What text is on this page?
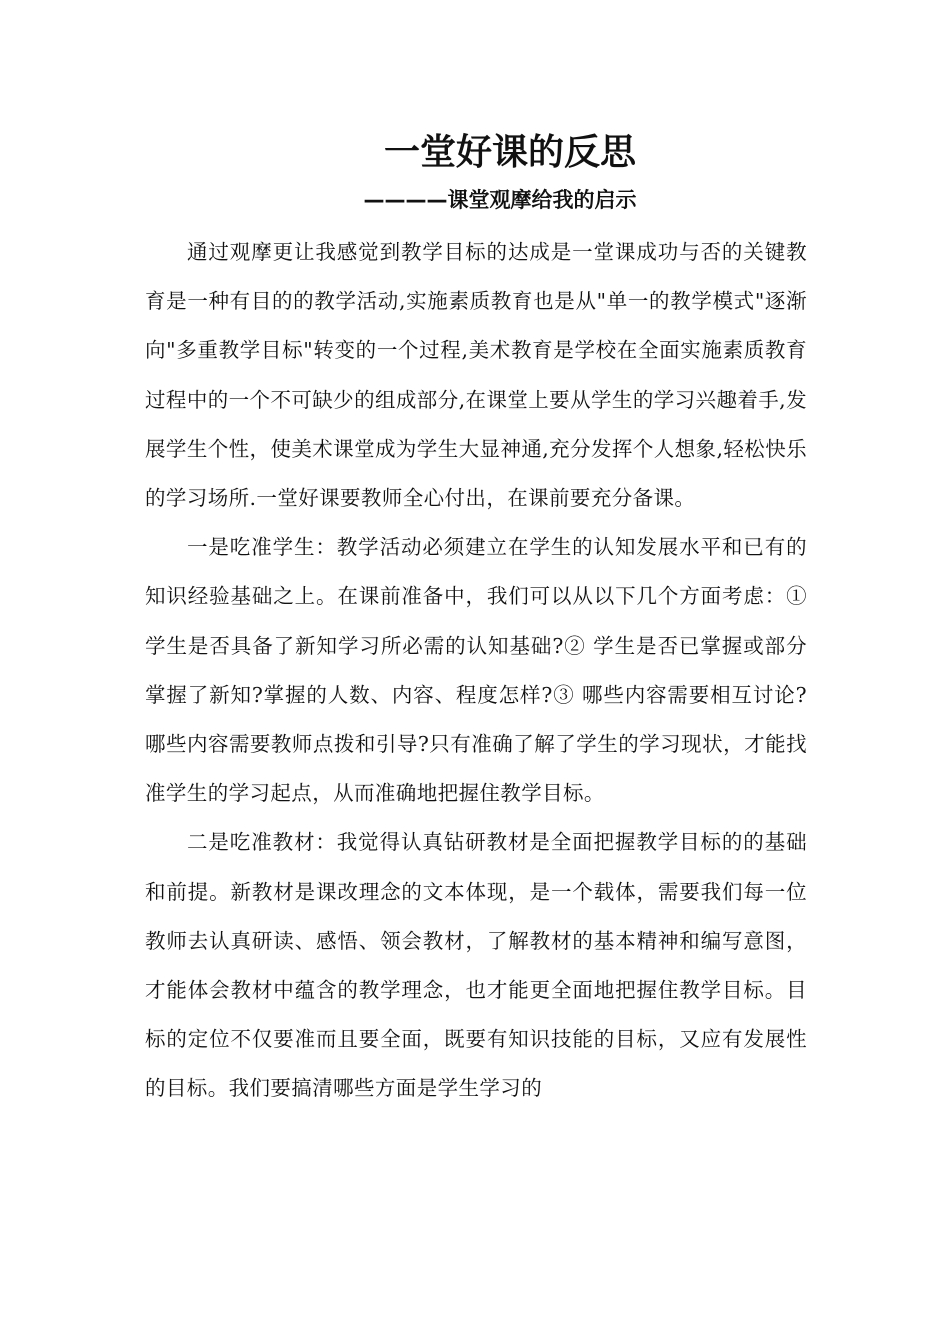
一堂好课的反思
————课堂观摩给我的启示

通过观摩更让我感觉到教学目标的达成是一堂课成功与否的关键教育是一种有目的的教学活动,实施素质教育也是从"单一的教学模式"逐渐向"多重教学目标"转变的一个过程,美术教育是学校在全面实施素质教育过程中的一个不可缺少的组成部分,在课堂上要从学生的学习兴趣着手,发展学生个性，使美术课堂成为学生大显神通,充分发挥个人想象,轻松快乐的学习场所.一堂好课要教师全心付出，在课前要充分备课。

一是吃准学生：教学活动必须建立在学生的认知发展水平和已有的知识经验基础之上。在课前准备中，我们可以从以下几个方面考虑：①学生是否具备了新知学习所必需的认知基础?② 学生是否已掌握或部分掌握了新知?掌握的人数、内容、程度怎样?③ 哪些内容需要相互讨论?哪些内容需要教师点拨和引导?只有准确了解了学生的学习现状，才能找准学生的学习起点，从而准确地把握住教学目标。

二是吃准教材：我觉得认真钻研教材是全面把握教学目标的的基础和前提。新教材是课改理念的文本体现，是一个载体，需要我们每一位教师去认真研读、感悟、领会教材，了解教材的基本精神和编写意图，才能体会教材中蕴含的教学理念，也才能更全面地把握住教学目标。目标的定位不仅要准而且要全面，既要有知识技能的目标，又应有发展性的目标。我们要搞清哪些方面是学生学习的
